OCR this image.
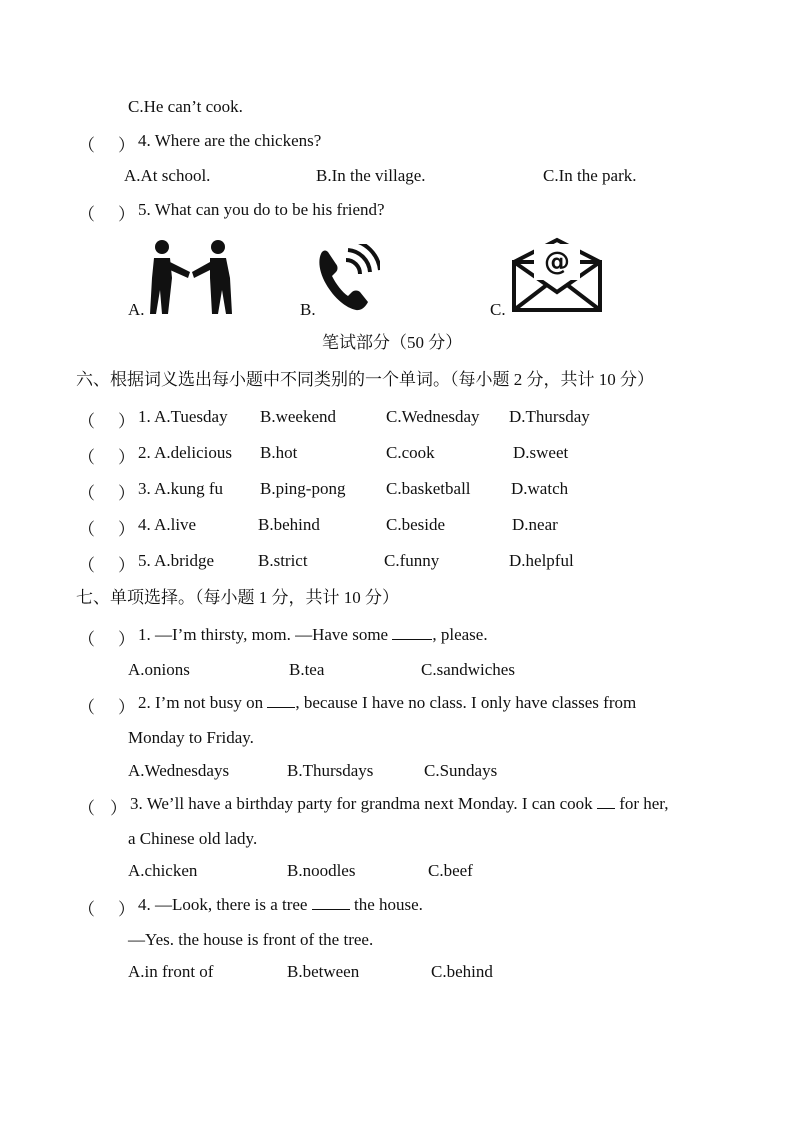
C.He can’t cook.
（ ） 4. Where are the chickens?
A.At school.	B.In the village.	C.In the park.
（ ） 5. What can you do to be his friend?
A.	B.	C.
@
笔试部分（50 分）
六、根据词义选出每小题中不同类别的一个单词。（每小题 2 分，共计 10 分）
1. A.Tuesday B.weekend	C.Wednesday D.Thursday
2. A.delicious B.hot	C.cook	D.sweet
3. A.kung fu B.ping-pong C.basketball D.watch
4. A.live	B.behind	C.beside	D.near
5. A.bridge	B.strict	C.funny	D.helpful
（ ）
（ ）
（ ）
（ ）
（ ）
七、单项选择。（每小题 1 分，共计 10 分）
（ ） 1. —I’m thirsty, mom. —Have some , please.
A.onions	B.tea	C.sandwiches
（ ） 2. I’m not busy on , because I have no class. I only have classes from
Monday to Friday.
A.Wednesdays	B.Thursdays	C.Sundays
（ ） 3. We’ll have a birthday party for grandma next Monday. I can cook  for her,
a Chinese old lady.
A.chicken	B.noodles	C.beef
（ ） 4. —Look, there is a tree  the house.
—Yes. the house is front of the tree.
A.in front of	B.between	C.behind
